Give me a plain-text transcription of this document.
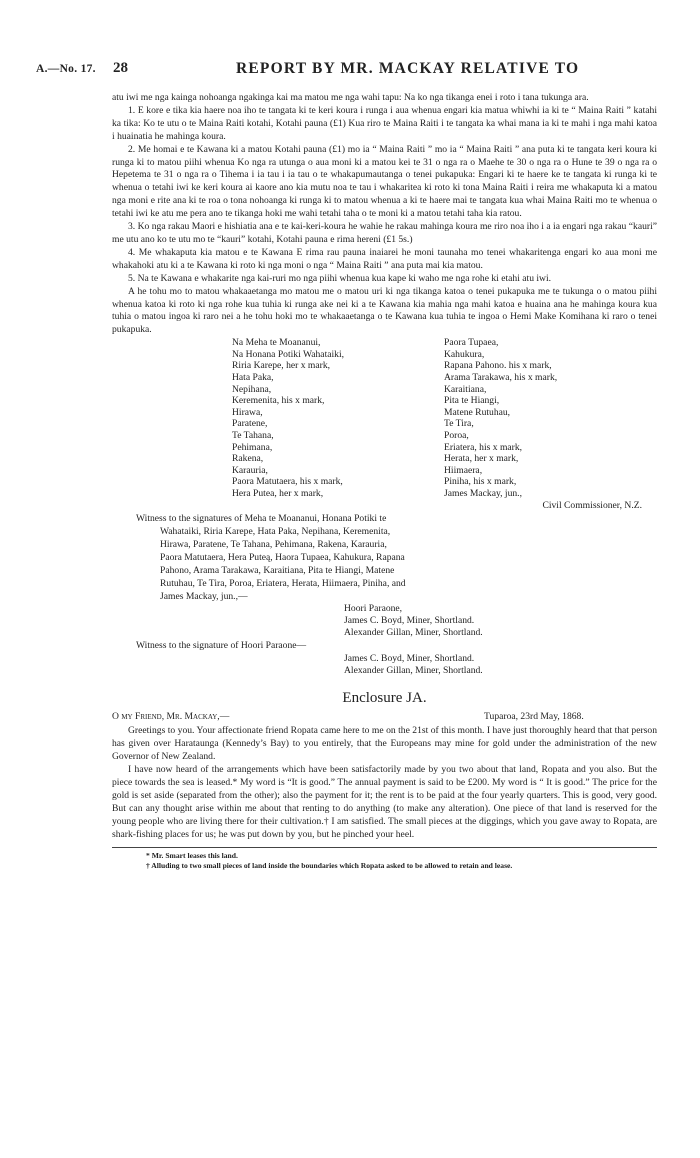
A.—No. 17. 28	REPORT BY MR. MACKAY RELATIVE TO

atu iwi me nga kainga nohoanga ngakinga kai ma matou me nga wahi tapu: Na ko nga tikanga enei i roto i tana tukunga ara.

1. E kore e tika kia haere noa iho te tangata ki te keri koura i runga i aua whenua engari kia matua whiwhi ia ki te “ Maina Raiti ” katahi ka tika: Ko te utu o te Maina Raiti kotahi, Kotahi pauna (£1) Kua riro te Maina Raiti i te tangata ka whai mana ia ki te mahi i nga mahi katoa i huainatia he mahinga koura.

2. Me homai e te Kawana ki a matou Kotahi pauna (£1) mo ia “ Maina Raiti ” mo ia “ Maina Raiti ” ana puta ki te tangata keri koura ki runga ki to matou piihi whenua Ko nga ra utunga o aua moni ki a matou kei te 31 o nga ra o Maehe te 30 o nga ra o Hune te 39 o nga ra o Hepetema te 31 o nga ra o Tihema i ia tau i ia tau o te whakapumautanga o tenei pukapuka: Engari ki te haere ke te tangata ki runga ki te whenua o tetahi iwi ke keri koura ai kaore ano kia mutu noa te tau i whakaritea ki roto ki tona Maina Raiti i reira me whakaputa ki a matou nga moni e rite ana ki te roa o tona nohoanga ki runga ki to matou whenua a ki te haere mai te tangata kua whai Maina Raiti mo te whenua o tetahi iwi ke atu me pera ano te tikanga hoki me wahi tetahi taha o te moni ki a matou tetahi taha kia ratou.

3. Ko nga rakau Maori e hishiatia ana e te kai-keri-koura he wahie he rakau mahinga koura me riro noa iho i a ia engari nga rakau “kauri” me utu ano ko te utu mo te “kauri” kotahi, Kotahi pauna e rima hereni (£1 5s.)

4. Me whakaputa kia matou e te Kawana E rima rau pauna inaiarei he moni taunaha mo tenei whakaritenga engari ko aua moni me whakahoki atu ki a te Kawana ki roto ki nga moni o nga “ Maina Raiti ” ana puta mai kia matou.

5. Na te Kawana e whakarite nga kai-ruri mo nga piihi whenua kua kape ki waho me nga rohe ki etahi atu iwi.

A he tohu mo to matou whakaaetanga mo matou me o matou uri ki nga tikanga katoa o tenei pukapuka me te tukunga o o matou piihi whenua katoa ki roto ki nga rohe kua tuhia ki runga ake nei ki a te Kawana kia mahia nga mahi katoa e huaina ana he mahinga koura kua tuhia o matou ingoa ki raro nei a he tohu hoki mo te whakaaetanga o te Kawana kua tuhia te ingoa o Hemi Make Komihana ki raro o tenei pukapuka.

Na Meha te Moananui,	Paora Tupaea,
Na Honana Potiki Wahataiki,	Kahukura,
Riria Karepe, her x mark,	Rapana Pahono. his x mark,
Hata Paka,	Arama Tarakawa, his x mark,
Nepihana,	Karaitiana,
Keremenita, his x mark,	Pita te Hiangi,
Hirawa,	Matene Rutuhau,
Paratene,	Te Tira,
Te Tahana,	Poroa,
Pehimana,	Eriatera, his x mark,
Rakena,	Herata, her x mark,
Karauria,	Hiimaera,
Paora Matutaera, his x mark,	Piniha, his x mark,
Hera Putea, her x mark,	James Mackay, jun.,
	Civil Commissioner, N.Z.
Witness to the signatures of Meha te Moananui, Honana Potiki te
Wahataiki, Riria Karepe, Hata Paka, Nepihana, Keremenita,
Hirawa, Paratene, Te Tahana, Pehimana, Rakena, Karauria,
Paora Matutaera, Hera Puteą, Haora Tupaea, Kahukura, Rapana
Pahono, Arama Tarakawa, Karaitiana, Pita te Hiangi, Matene
Rutuhau, Te Tira, Poroa, Eriatera, Herata, Hiimaera, Piniha, and
James Mackay, jun.,—
Hoori Paraone,
James C. Boyd, Miner, Shortland.
Alexander Gillan, Miner, Shortland.
Witness to the signature of Hoori Paraone—
James C. Boyd, Miner, Shortland.
Alexander Gillan, Miner, Shortland.
Enclosure JA.
O my Friend, Mr. Mackay,—	Tuparoa, 23rd May, 1868.

Greetings to you. Your affectionate friend Ropata came here to me on the 21st of this month. I have just thoroughly heard that that person has given over Harataunga (Kennedy’s Bay) to you entirely, that the Europeans may mine for gold under the administration of the new Governor of New Zealand.

I have now heard of the arrangements which have been satisfactorily made by you two about that land, Ropata and you also. But the piece towards the sea is leased.* My word is “It is good.” The annual payment is said to be £200. My word is “ It is good.” The price for the gold is set aside (separated from the other); also the payment for it; the rent is to be paid at the four yearly quarters. This is good, very good. But can any thought arise within me about that renting to do anything (to make any alteration). One piece of that land is reserved for the young people who are living there for their cultivation.† I am satisfied. The small pieces at the diggings, which you gave away to Ropata, are shark-fishing places for us; he was put down by you, but he pinched your heel.

* Mr. Smart leases this land.

† Alluding to two small pieces of land inside the boundaries which Ropata asked to be allowed to retain and lease.
